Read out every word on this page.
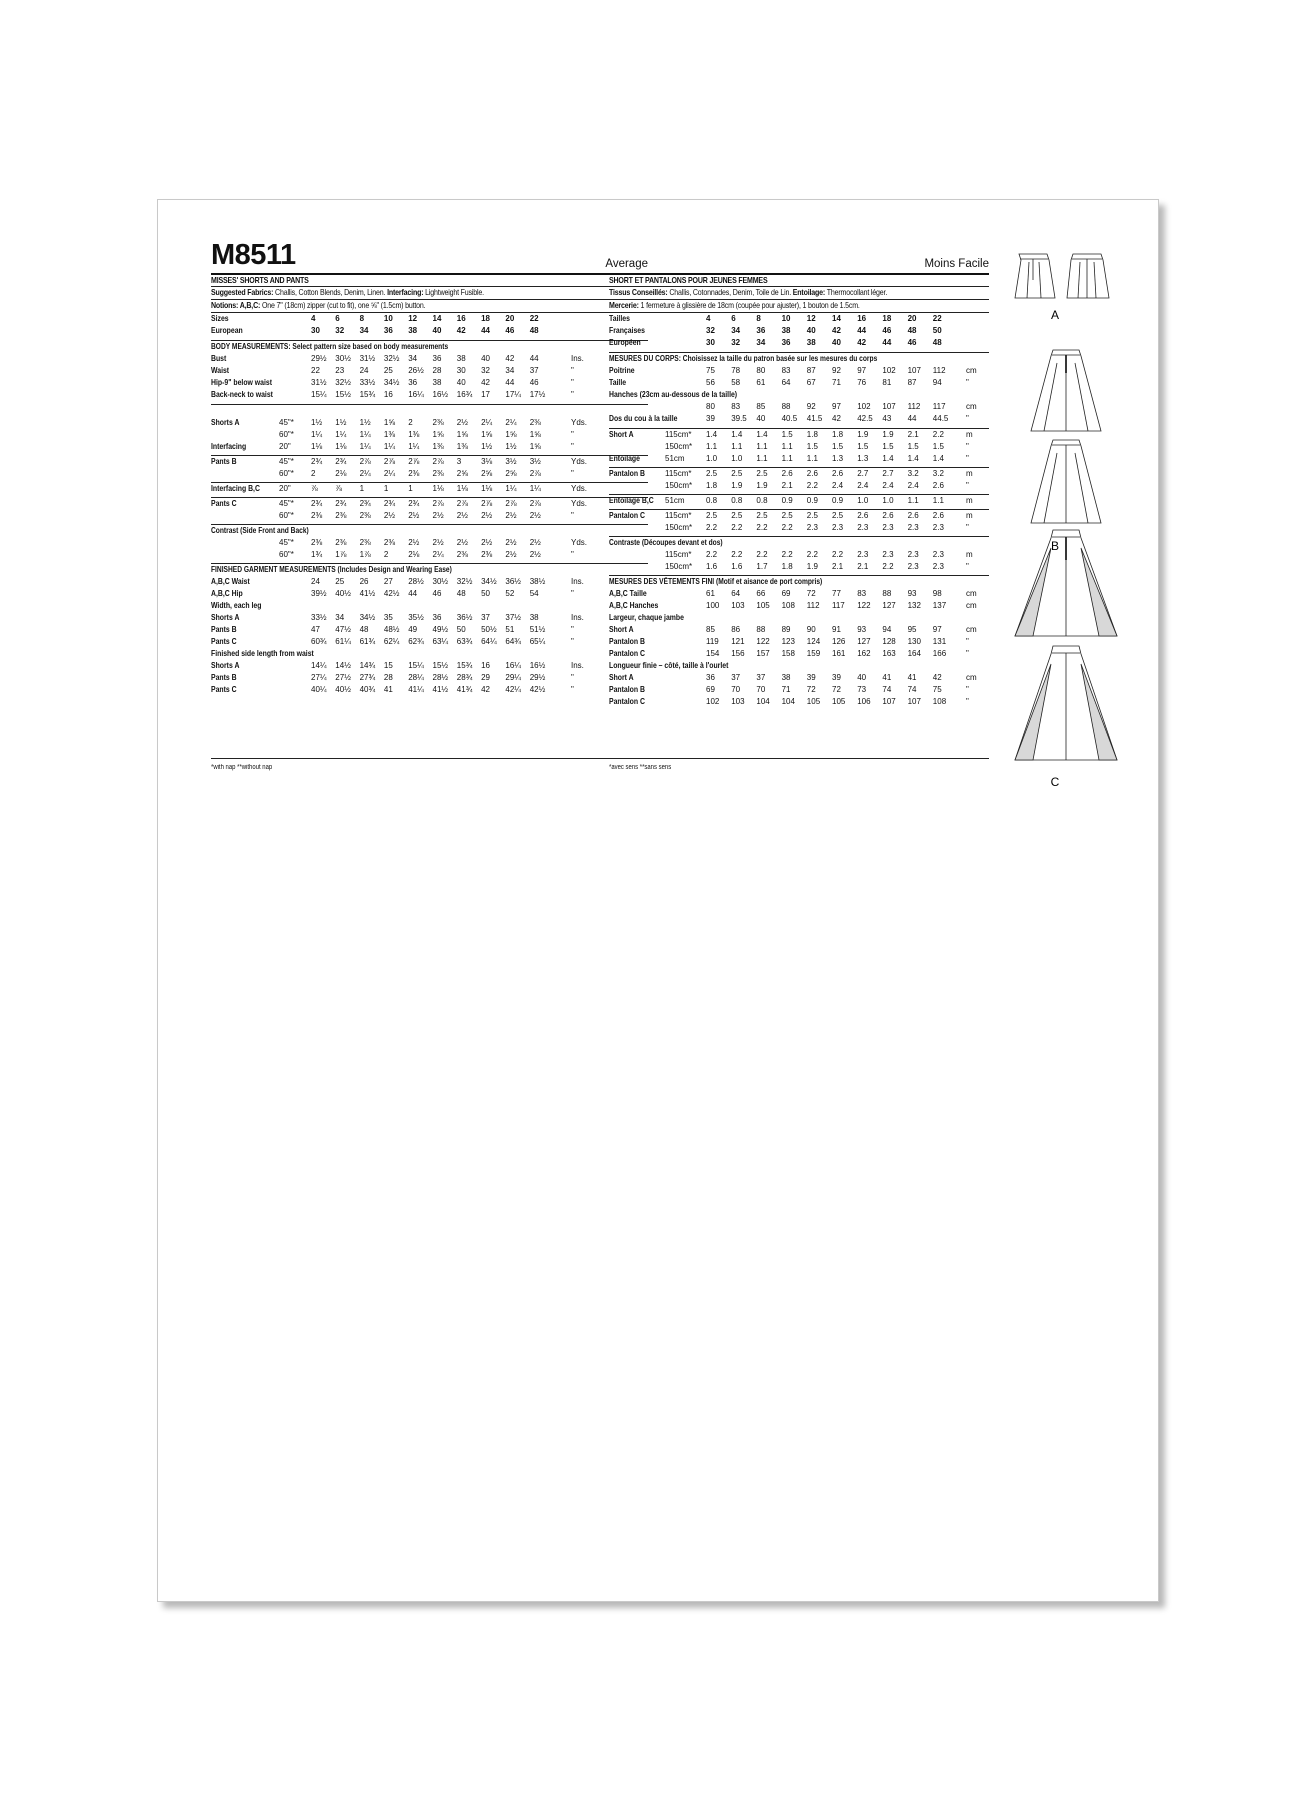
M8511	Average
MISSES' SHORTS AND PANTS
Suggested Fabrics: Challis, Cotton Blends, Denim, Linen. Interfacing: Lightweight Fusible.
Notions: A,B,C: One 7" (18cm) zipper (cut to fit), one ⅝" (1.5cm) button.
Sizes	4 6 8 10 12 14 16 18 20 22
European	30 32 34 36 38 40 42 44 46 48
BODY MEASUREMENTS: Select pattern size based on body measurements
Bust	29½ 30½ 31½ 32½ 34 36 38 40 42 44	Ins.
Waist	22 23 24 25 26½ 28 30 32 34 37	"
Hip-9" below waist	31½ 32½ 33½ 34½ 36 38 40 42 44 46	"
Back-neck to waist	15¼ 15½ 15¾ 16 16¼ 16½ 16¾ 17 17¼ 17½	"
Shorts A	45"* 1½ 1½ 1½ 1⅝ 2 2⅜ 2½ 2¼ 2¼ 2⅜	Yds.
60"* 1¼ 1¼ 1¼ 1⅜ 1⅜ 1⅝ 1⅝ 1⅝ 1⅝ 1⅝	"
Interfacing	20"	1⅛ 1⅛ 1¼ 1¼ 1¼ 1⅜ 1⅜ 1½ 1½ 1⅝	"
Pants B	45"* 2¾ 2¾ 2⅞ 2⅞ 2⅞ 2⅞ 3 3⅛ 3½ 3½	Yds.
60"* 2 2⅛ 2¼ 2¼ 2⅜ 2⅜ 2⅝ 2⅝ 2⅝ 2⅞	"
Interfacing B,C 20"	⅞ ⅞ 1 1 1 1⅛ 1⅛ 1⅛ 1¼ 1¼	Yds.
Pants C	45"* 2¾ 2¾ 2¾ 2¾ 2¾ 2⅞ 2⅞ 2⅞ 2⅞ 2⅞	Yds.
60"* 2⅜ 2⅜ 2⅜ 2½ 2½ 2½ 2½ 2½ 2½ 2½	"
Contrast (Side Front and Back)
45"* 2⅜ 2⅜ 2⅜ 2⅜ 2½ 2½ 2½ 2½ 2½ 2½	Yds.
60"* 1¾ 1⅞ 1⅞ 2 2⅛ 2¼ 2⅜ 2⅜ 2½ 2½	"
FINISHED GARMENT MEASUREMENTS (Includes Design and Wearing Ease)
A,B,C Waist	24 25 26 27 28½ 30½ 32½ 34½ 36½ 38½	Ins.
A,B,C Hip	39½ 40½ 41½ 42½ 44 46 48 50 52 54	"
Width, each leg
Shorts A	33½ 34 34½ 35 35½ 36 36½ 37 37½ 38	Ins.
Pants B	47 47½ 48 48½ 49 49½ 50 50½ 51 51½	"
Pants C	60¾ 61¼ 61¾ 62¼ 62¾ 63¼ 63¾ 64¼ 64¾ 65¼	"
Finished side length from waist
Shorts A	14¼ 14½ 14¾ 15 15¼ 15½ 15¾ 16 16¼ 16½	Ins.
Pants B	27¼ 27½ 27¾ 28 28¼ 28½ 28¾ 29 29¼ 29½	"
Pants C	40¼ 40½ 40¾ 41 41¼ 41½ 41¾ 42 42¼ 42½	"
*with nap **without nap
Moins Facile
SHORT ET PANTALONS POUR JEUNES FEMMES
Tissus Conseillés: Challis, Cotonnades, Denim, Toile de Lin. Entoilage: Thermocollant léger.
Mercerie: 1 fermeture à glissière de 18cm (coupée pour ajuster), 1 bouton de 1.5cm.
Tailles	4	6	8	10 12 14 16 18 20 22
Françaises	32 34 36 38 40 42 44 46 48 50
Européen	30 32 34 36 38 40 42 44 46 48
MESURES DU CORPS: Choisissez la taille du patron basée sur les mesures du corps
Poitrine	75 78 80 83 87 92 97 102 107 112	cm
Taille	56 58 61 64 67 71 76 81 87 94	"
Hanches (23cm au-dessous de la taille)
80 83 85 88 92 97 102 107 112 117	cm
Dos du cou à la taille	39 39.5 40 40.5 41.5 42 42.5 43 44 44.5 "
Short A	115cm* 1.4 1.4 1.4 1.5 1.8 1.8 1.9 1.9 2.1 2.2	m
150cm* 1.1 1.1 1.1 1.1 1.5 1.5 1.5 1.5 1.5 1.5	"
Entoilage	51cm	1.0 1.0 1.1 1.1 1.1 1.3 1.3 1.4 1.4 1.4	"
Pantalon B	115cm* 2.5 2.5 2.5 2.6 2.6 2.6 2.7 2.7 3.2 3.2	m
150cm* 1.8 1.9 1.9 2.1 2.2 2.4 2.4 2.4 2.4 2.6	"
Entoilage B,C 51cm	0.8 0.8 0.8 0.9 0.9 0.9 1.0 1.0 1.1 1.1	m
Pantalon C	115cm* 2.5 2.5 2.5 2.5 2.5 2.5 2.6 2.6 2.6 2.6	m
150cm* 2.2 2.2 2.2 2.2 2.3 2.3 2.3 2.3 2.3 2.3	"
Contraste (Découpes devant et dos)
115cm* 2.2 2.2 2.2 2.2 2.2 2.2 2.3 2.3 2.3 2.3	m
150cm* 1.6 1.6 1.7 1.8 1.9 2.1 2.1 2.2 2.3 2.3	"
MESURES DES VÊTEMENTS FINI (Motif et aisance de port compris)
A,B,C Taille	61 64 66 69 72 77 83 88 93 98	cm
A,B,C Hanches	100 103 105 108 112 117 122 127 132 137 cm
Largeur, chaque jambe
Short A	85 86 88 89 90 91 93 94 95 97	cm
Pantalon B	119 121 122 123 124 126 127 128 130 131 "
Pantalon C	154 156 157 158 159 161 162 163 164 166 "
Longueur finie – côté, taille à l'ourlet
Short A	36 37 37 38 39 39 40 41 41 42	cm
Pantalon B	69 70 70 71 72 72 73 74 74 75	"
Pantalon C	102 103 104 104 105 105 106 107 107 108 "
*avec sens **sans sens
A
B
C
